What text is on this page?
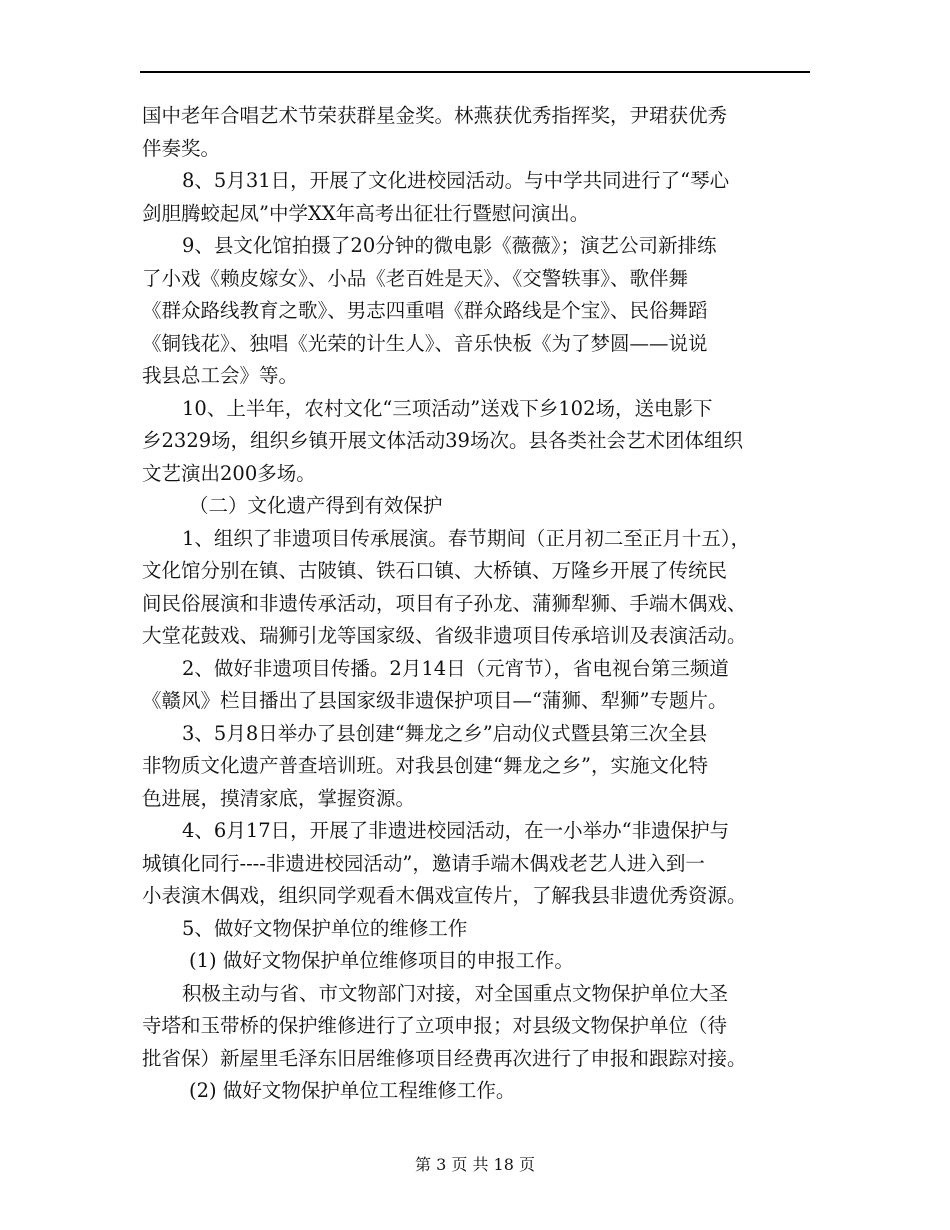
国中老年合唱艺术节荣获群星金奖。林燕获优秀指挥奖，尹珺获优秀
伴奏奖。
8、5月31日，开展了文化进校园活动。与中学共同进行了“琴心
剑胆腾蛟起凤”中学XX年高考出征壮行暨慰问演出。
9、县文化馆拍摄了20分钟的微电影《薇薇》；演艺公司新排练
了小戏《赖皮嫁女》、小品《老百姓是天》、《交警轶事》、歌伴舞
《群众路线教育之歌》、男志四重唱《群众路线是个宝》、民俗舞蹈
《铜钱花》、独唱《光荣的计生人》、音乐快板《为了梦圆——说说
我县总工会》等。
10、上半年，农村文化“三项活动”送戏下乡102场，送电影下
乡2329场，组织乡镇开展文体活动39场次。县各类社会艺术团体组织
文艺演出200多场。
（二）文化遗产得到有效保护
1、组织了非遗项目传承展演。春节期间（正月初二至正月十五），
文化馆分别在镇、古陂镇、铁石口镇、大桥镇、万隆乡开展了传统民
间民俗展演和非遗传承活动，项目有子孙龙、蒲狮犁狮、手端木偶戏、
大堂花鼓戏、瑞狮引龙等国家级、省级非遗项目传承培训及表演活动。
2、做好非遗项目传播。2月14日（元宵节），省电视台第三频道
《赣风》栏目播出了县国家级非遗保护项目—“蒲狮、犁狮”专题片。
3、5月8日举办了县创建“舞龙之乡”启动仪式暨县第三次全县
非物质文化遗产普查培训班。对我县创建“舞龙之乡”，实施文化特
色进展，摸清家底，掌握资源。
4、6月17日，开展了非遗进校园活动，在一小举办“非遗保护与
城镇化同行----非遗进校园活动”，邀请手端木偶戏老艺人进入到一
小表演木偶戏，组织同学观看木偶戏宣传片，了解我县非遗优秀资源。
5、做好文物保护单位的维修工作
(1) 做好文物保护单位维修项目的申报工作。
积极主动与省、市文物部门对接，对全国重点文物保护单位大圣
寺塔和玉带桥的保护维修进行了立项申报；对县级文物保护单位（待
批省保）新屋里毛泽东旧居维修项目经费再次进行了申报和跟踪对接。
(2) 做好文物保护单位工程维修工作。
第 3 页 共 18 页
